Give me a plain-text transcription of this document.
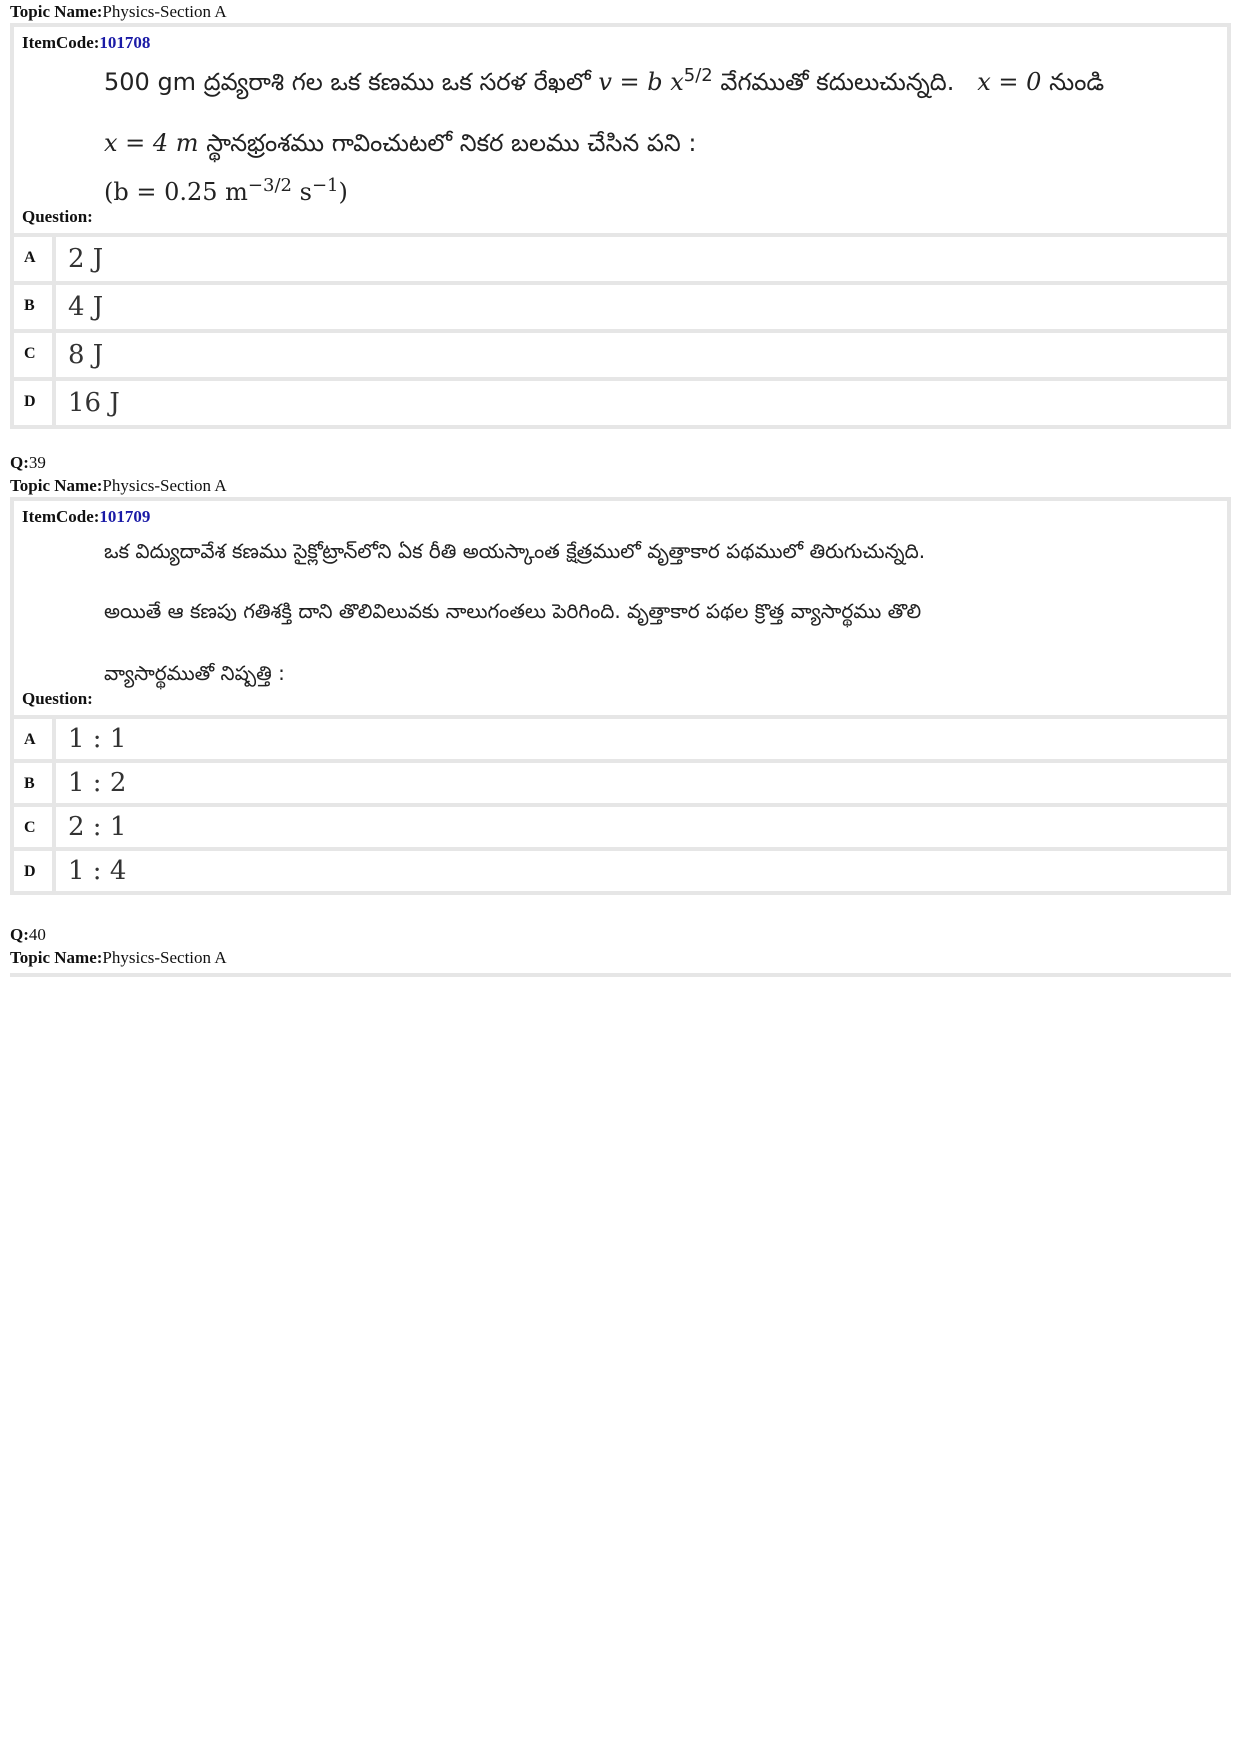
Topic Name:Physics-Section A
ItemCode:101708
500 gm ద్రవ్యరాశి గల ఒక కణము ఒక సరళ రేఖలో v = b $x^{5/2}$ వేగముతో కదులుచున్నది.   x = 0 నుండి
x = 4 m స్థానభ్రంశము గావించుటలో నికర బలము చేసిన పని :
(b = 0.25 $m^{-3/2}$ $s^{-1}$)
Question:
A	2 J
B	4 J
C	8 J
D	16 J
Q:39
Topic Name:Physics-Section A
ItemCode:101709
ఒక విద్యుదావేశ కణము సైక్లోట్రాన్‌లోని ఏక రీతి అయస్కాంత క్షేత్రములో వృత్తాకార పథములో తిరుగుచున్నది.
అయితే ఆ కణపు గతిశక్తి దాని తొలివిలువకు నాలుగంతలు పెరిగింది. వృత్తాకార పథల క్రొత్త వ్యాసార్థము తొలి
వ్యాసార్థముతో నిష్పత్తి :
Question:
A	1 : 1
B	1 : 2
C	2 : 1
D	1 : 4
Q:40
Topic Name:Physics-Section A
